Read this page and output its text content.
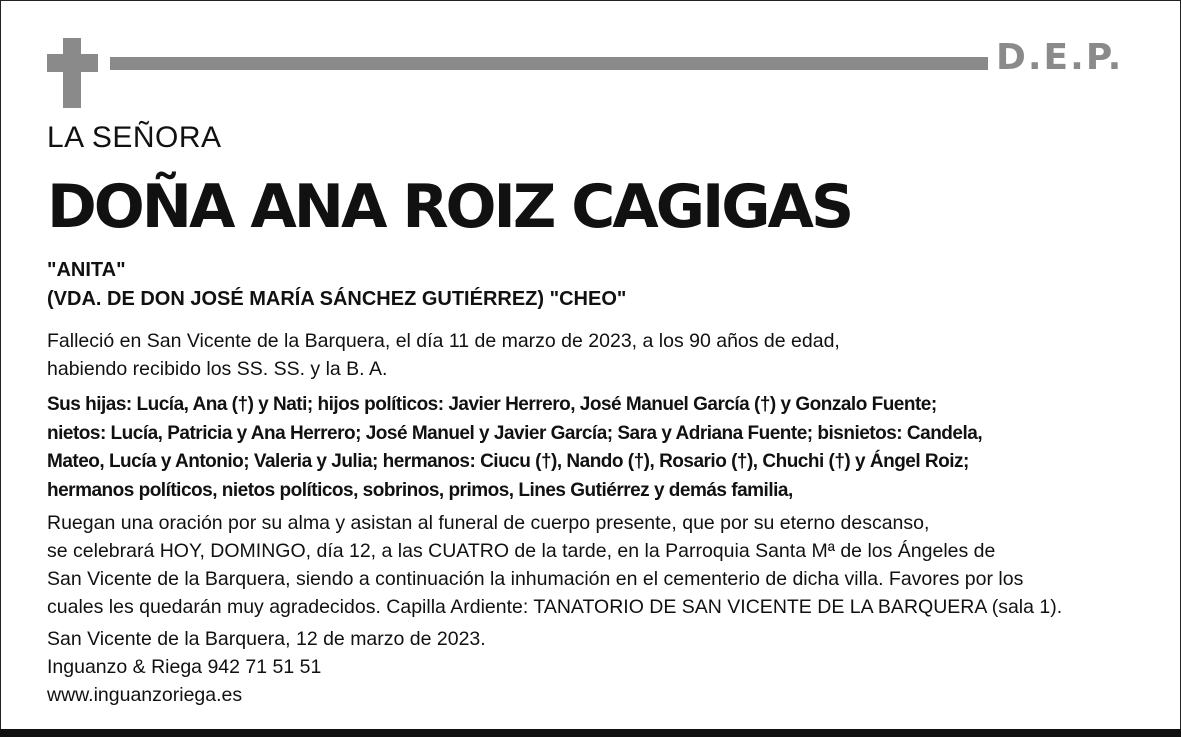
D.E.P.
LA SEÑORA
DOÑA ANA ROIZ CAGIGAS
"ANITA"
(VDA. DE DON JOSÉ MARÍA SÁNCHEZ GUTIÉRREZ) "CHEO"
Falleció en San Vicente de la Barquera, el día 11 de marzo de 2023, a los 90 años de edad,
habiendo recibido los SS. SS. y la B. A.
Sus hijas: Lucía, Ana (†) y Nati; hijos políticos: Javier Herrero, José Manuel García (†) y Gonzalo Fuente;
nietos: Lucía, Patricia y Ana Herrero; José Manuel y Javier García; Sara y Adriana Fuente; bisnietos: Candela,
Mateo, Lucía y Antonio; Valeria y Julia; hermanos: Ciucu (†), Nando (†), Rosario (†), Chuchi (†) y Ángel Roiz;
hermanos políticos, nietos políticos, sobrinos, primos, Lines Gutiérrez y demás familia,
Ruegan una oración por su alma y asistan al funeral de cuerpo presente, que por su eterno descanso,
se celebrará HOY, DOMINGO, día 12, a las CUATRO de la tarde, en la Parroquia Santa Mª de los Ángeles de
San Vicente de la Barquera, siendo a continuación la inhumación en el cementerio de dicha villa. Favores por los
cuales les quedarán muy agradecidos. Capilla Ardiente: TANATORIO DE SAN VICENTE DE LA BARQUERA (sala 1).
San Vicente de la Barquera, 12 de marzo de 2023.
Inguanzo & Riega 942 71 51 51
www.inguanzoriega.es
